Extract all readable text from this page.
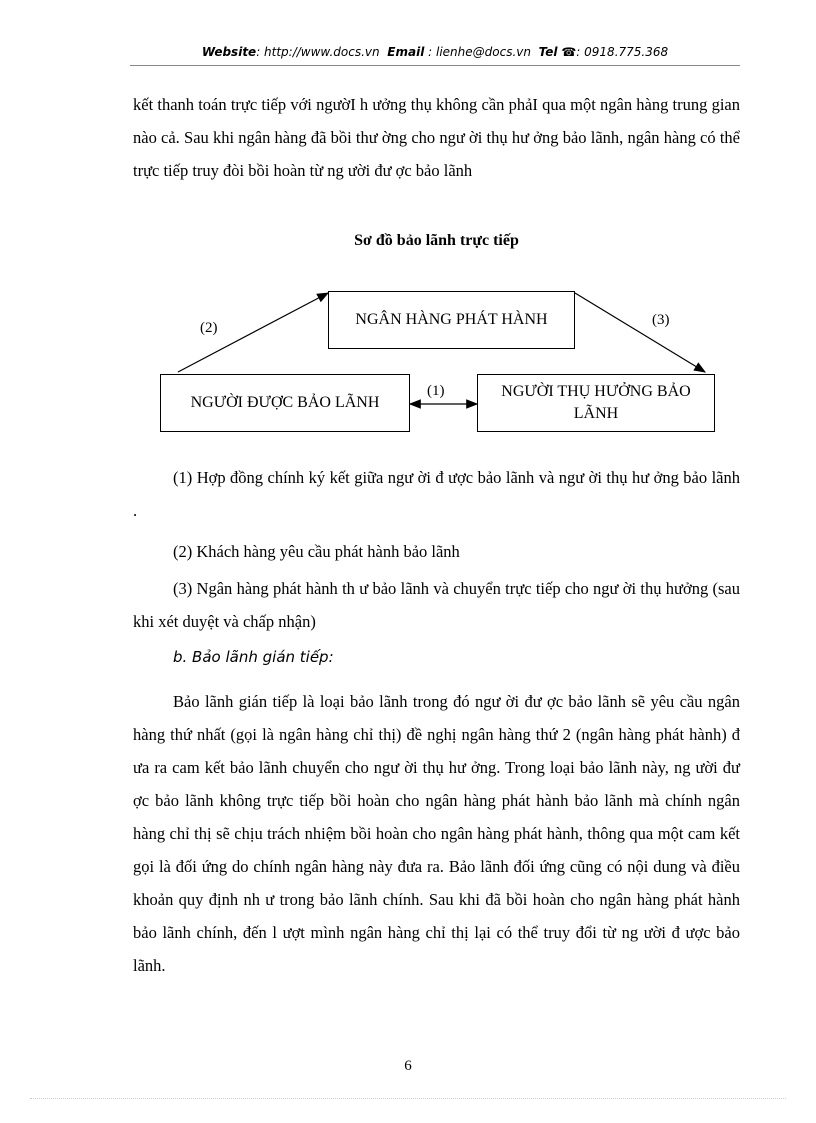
Website: http://www.docs.vn Email : lienhe@docs.vn Tel ☎: 0918.775.368

kết thanh toán trực tiếp với ngườI h ưởng thụ không cần phảI qua một ngân hàng trung gian nào cả. Sau khi ngân hàng đã bồi thư ờng cho ngư ời thụ hư ởng bảo lãnh, ngân hàng có thể trực tiếp truy đòi bồi hoàn từ ng ười đư ợc bảo lãnh

Sơ đồ bảo lãnh trực tiếp
NGÂN HÀNG PHÁT HÀNH
NGƯỜI ĐƯỢC BẢO LÃNH
NGƯỜI THỤ HƯỞNG BẢO LÃNH
(2)	(3)
(1)

(1) Hợp đồng chính ký kết giữa ngư ời đ ược bảo lãnh và ngư ời thụ hư ởng bảo lãnh .

(2) Khách hàng yêu cầu phát hành bảo lãnh

(3) Ngân hàng phát hành th ư bảo lãnh và chuyển trực tiếp cho ngư ời thụ hưởng (sau khi xét duyệt và chấp nhận)

b. Bảo lãnh gián tiếp:

Bảo lãnh gián tiếp là loại bảo lãnh trong đó ngư ời đư ợc bảo lãnh sẽ yêu cầu ngân hàng thứ nhất (gọi là ngân hàng chỉ thị) đề nghị ngân hàng thứ 2 (ngân hàng phát hành) đ ưa ra cam kết bảo lãnh chuyển cho ngư ời thụ hư ởng. Trong loại bảo lãnh này, ng ười đư ợc bảo lãnh không trực tiếp bồi hoàn cho ngân hàng phát hành bảo lãnh mà chính ngân hàng chỉ thị sẽ chịu trách nhiệm bồi hoàn cho ngân hàng phát hành, thông qua một cam kết gọi là đối ứng do chính ngân hàng này đưa ra. Bảo lãnh đối ứng cũng có nội dung và điều khoản quy định nh ư trong bảo lãnh chính. Sau khi đã bồi hoàn cho ngân hàng phát hành bảo lãnh chính, đến l ượt mình ngân hàng chỉ thị lại có thể truy đổi từ ng ười đ ược bảo lãnh.

6
